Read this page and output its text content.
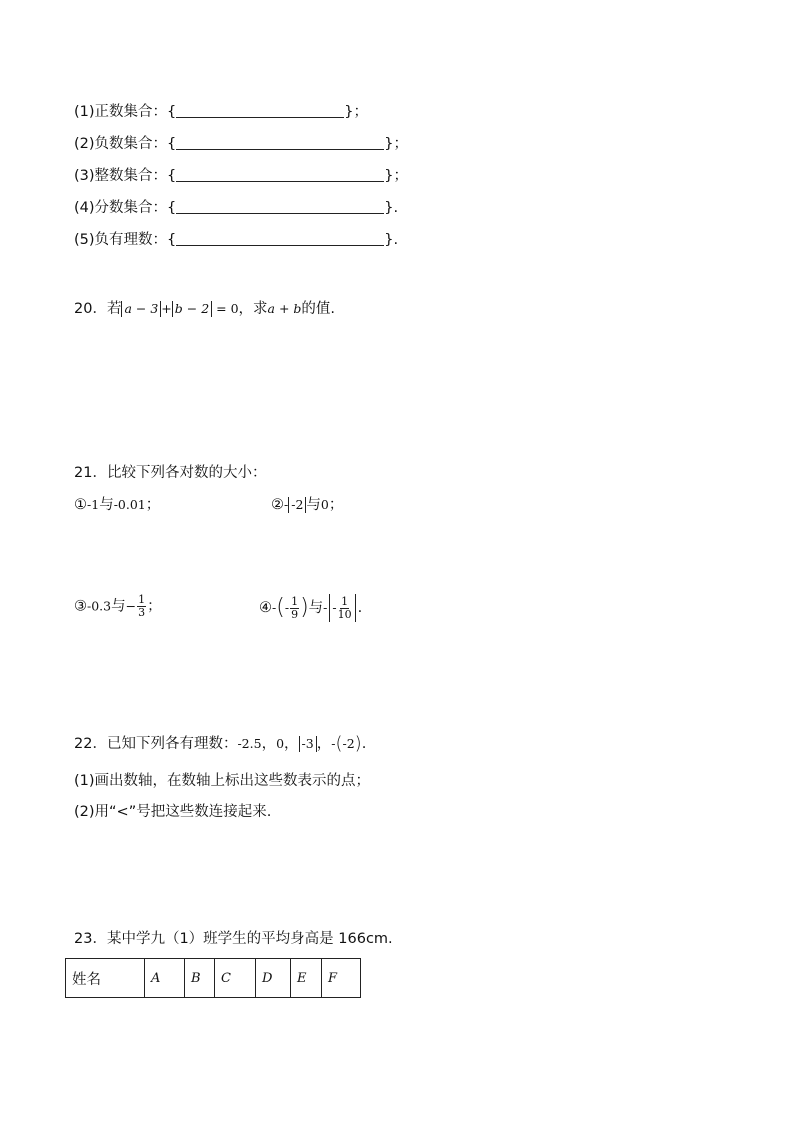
(1)正数集合：{	}；
(2)负数集合：{	}；
(3)整数集合：{	}；
(4)分数集合：{	}.
(5)负有理数：{	}.
20．若 a − 3 + b − 2 = 0，求a + b的值.
21．比较下列各对数的大小：
①-1与-0.01；	②- -2 与0；
③-0.3与− $\frac{1}{3}$ ；	④-(- $\frac{1}{9}$ )与- - $\frac{1}{10}$ .
22．已知下列各有理数：-2.5，0， -3 ，-(-2).
(1)画出数轴，在数轴上标出这些数表示的点；
(2)用“<”号把这些数连接起来.
23．某中学九（1）班学生的平均身高是 166cm.
姓名	A	B	C	D	E	F
